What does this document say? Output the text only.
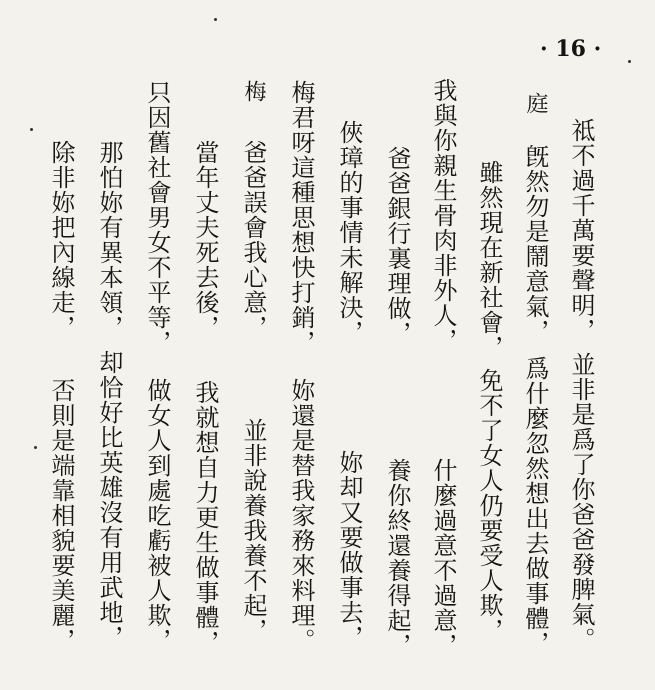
· 16 ·
庭
梅
祗不過千萬要聲明，
旣然勿是鬧意氣，
雖然現在新社會，
我與你親生骨肉非外人，
爸爸銀行裏理做，
俠璋的事情未解決，
梅君呀這種思想快打銷，
爸爸誤會我心意，
當年丈夫死去後，
只因舊社會男女不平等，
那怕妳有異本領，
除非妳把內線走，
並非是爲了你爸爸發脾氣。
爲什麼忽然想出去做事體，
免不了女人仍要受人欺，
什麼過意不過意，
養你終還養得起，
妳却又要做事去，
妳還是替我家務來料理。
並非說養我養不起，
我就想自力更生做事體，
做女人到處吃虧被人欺，
却恰好比英雄沒有用武地，
否則是端靠相貌要美麗，
